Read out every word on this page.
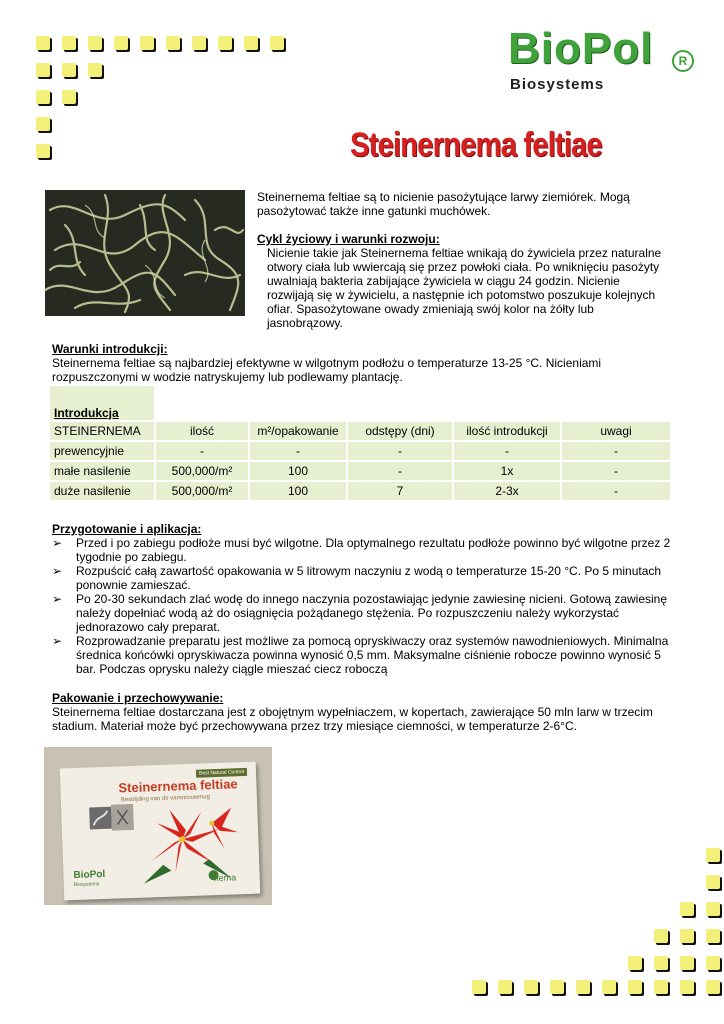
BioPol	R
Biosystems
Steinernema feltiae

Steinernema feltiae są to nicienie pasożytujące larwy ziemiórek. Mogą pasożytować także inne gatunki muchówek.

Cykl życiowy i warunki rozwoju:

Nicienie takie jak Steinernema feltiae wnikają do żywiciela przez naturalne otwory ciała lub wwiercają się przez powłoki ciała. Po wniknięciu pasożyty uwalniają bakteria zabijające żywiciela w ciągu 24 godzin. Nicienie rozwijają się w żywicielu, a następnie ich potomstwo poszukuje kolejnych ofiar. Spasożytowane owady zmieniają swój kolor na żółty lub jasnobrązowy.

Warunki introdukcji:

Steinernema feltiae są najbardziej efektywne w wilgotnym podłożu o temperaturze 13-25 °C. Nicieniami rozpuszczonymi w wodzie natryskujemy lub podlewamy plantację.

Introdukcja					
STEINERNEMA	ilość	m²/opakowanie	odstępy (dni)	ilość introdukcji	uwagi
prewencyjnie	-	-	-	-	-
małe nasilenie	500,000/m²	100	-	1x	-
duże nasilenie	500,000/m²	100	7	2-3x	-

Przygotowanie i aplikacja:

➢ Przed i po zabiegu podłoże musi być wilgotne. Dla optymalnego rezultatu podłoże powinno być wilgotne przez 2 tygodnie po zabiegu.
➢ Rozpuścić całą zawartość opakowania w 5 litrowym naczyniu z wodą o temperaturze 15-20 °C. Po 5 minutach ponownie zamieszać.
➢ Po 20-30 sekundach zlać wodę do innego naczynia pozostawiając jedynie zawiesinę nicieni. Gotową zawiesinę należy dopełniać wodą aż do osiągnięcia pożądanego stężenia. Po rozpuszczeniu należy wykorzystać jednorazowo cały preparat.
➢ Rozprowadzanie preparatu jest możliwe za pomocą opryskiwaczy oraz systemów nawodnieniowych. Minimalna średnica końcówki opryskiwacza powinna wynosić 0,5 mm. Maksymalne ciśnienie robocze powinno wynosić 5 bar. Podczas oprysku należy ciągle mieszać ciecz roboczą

Pakowanie i przechowywanie:

Steinernema feltiae dostarczana jest z obojętnym wypełniaczem, w kopertach, zawierające 50 mln larw w trzecim stadium. Materiał może być przechowywana przez trzy miesiące ciemności, w temperaturze 2-6°C.

Best Natural Control
Steinernema feltiae
Bestrijding van de varenrouwmug
BioPol
Biosystems
nema
